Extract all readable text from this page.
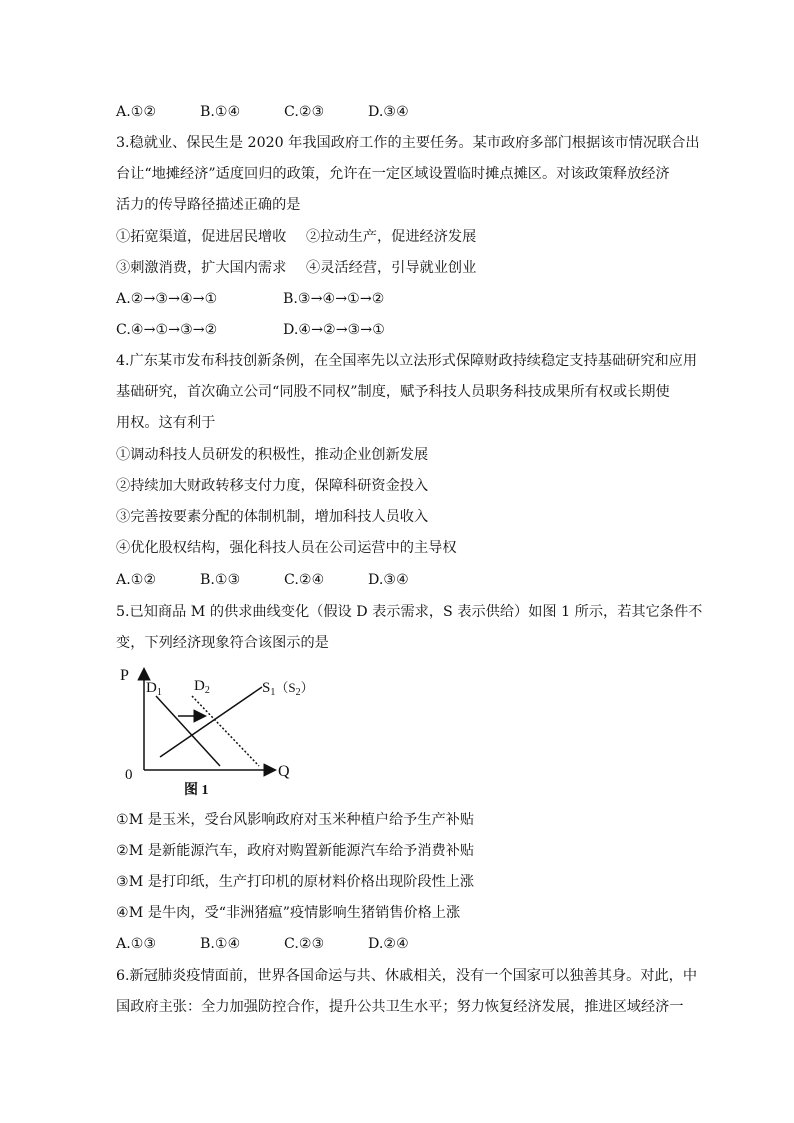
A.①②	B.①④	C.②③	D.③④
3.稳就业、保民生是 2020 年我国政府工作的主要任务。某市政府多部门根据该市情况联合出
台让“地摊经济”适度回归的政策，允许在一定区域设置临时摊点摊区。对该政策释放经济
活力的传导路径描述正确的是
①拓宽渠道，促进居民增收 ②拉动生产，促进经济发展
③刺激消费，扩大国内需求 ④灵活经营，引导就业创业
A.②→③→④→①	B.③→④→①→②
C.④→①→③→②	D.④→②→③→①
4.广东某市发布科技创新条例，在全国率先以立法形式保障财政持续稳定支持基础研究和应用
基础研究，首次确立公司“同股不同权”制度，赋予科技人员职务科技成果所有权或长期使
用权。这有利于
①调动科技人员研发的积极性，推动企业创新发展
②持续加大财政转移支付力度，保障科研资金投入
③完善按要素分配的体制机制，增加科技人员收入
④优化股权结构，强化科技人员在公司运营中的主导权
A.①②	B.①③	C.②④	D.③④
5.已知商品 M 的供求曲线变化（假设 D 表示需求，S 表示供给）如图 1 所示，若其它条件不
变，下列经济现象符合该图示的是
P
Q
0
$D_1$ $D_2$	$S_1(S_2)$
图 1
①M 是玉米，受台风影响政府对玉米种植户给予生产补贴
②M 是新能源汽车，政府对购置新能源汽车给予消费补贴
③M 是打印纸，生产打印机的原材料价格出现阶段性上涨
④M 是牛肉，受“非洲猪瘟”疫情影响生猪销售价格上涨
A.①③	B.①④	C.②③	D.②④
6.新冠肺炎疫情面前，世界各国命运与共、休戚相关，没有一个国家可以独善其身。对此，中
国政府主张：全力加强防控合作，提升公共卫生水平；努力恢复经济发展，推进区域经济一
